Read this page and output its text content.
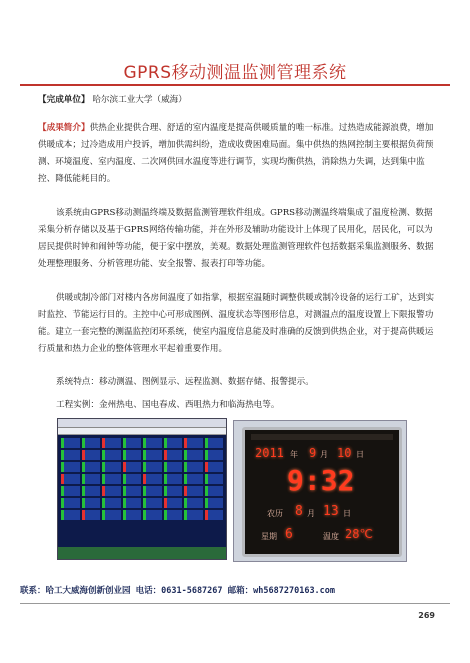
GPRS移动测温监测管理系统
【完成单位】 哈尔滨工业大学（威海）
【成果简介】供热企业提供合理、舒适的室内温度是提高供暖质量的唯一标准。过热造成能源浪费，增加供暖成本；过冷造成用户投诉，增加供需纠纷，造成收费困难局面。集中供热的热网控制主要根据负荷预测、环境温度、室内温度、二次网供回水温度等进行调节，实现均衡供热，消除热力失调，达到集中监控、降低能耗目的。
该系统由GPRS移动测温终端及数据监测管理软件组成。GPRS移动测温终端集成了温度检测、数据采集分析存储以及基于GPRS网络传输功能，并在外形及辅助功能设计上体现了民用化，居民化，可以为居民提供时钟和闹钟等功能，便于家中摆放，美观。数据处理监测管理软件包括数据采集监测服务、数据处理整理服务、分析管理功能、安全报警、报表打印等功能。
供暖或制冷部门对楼内各房间温度了如指掌，根据室温随时调整供暖或制冷设备的运行工矿，达到实时监控、节能运行目的。主控中心可形成图例、温度状态等图形信息，对测温点的温度设置上下限报警功能。建立一套完整的测温监控闭环系统，使室内温度信息能及时准确的反馈到供热企业，对于提高供暖运行质量和热力企业的整体管理水平起着重要作用。
系统特点：移动测温、图例显示、远程监测、数据存储、报警提示。
工程实例：金州热电、国电春成、西咀热力和临海热电等。
2011 年 9 月 10 日
9:32
农历 8 月 13 日
星期 6	温度 28℃
联系：哈工大威海创新创业园 电话：0631-5687267 邮箱：wh5687270163.com
269
